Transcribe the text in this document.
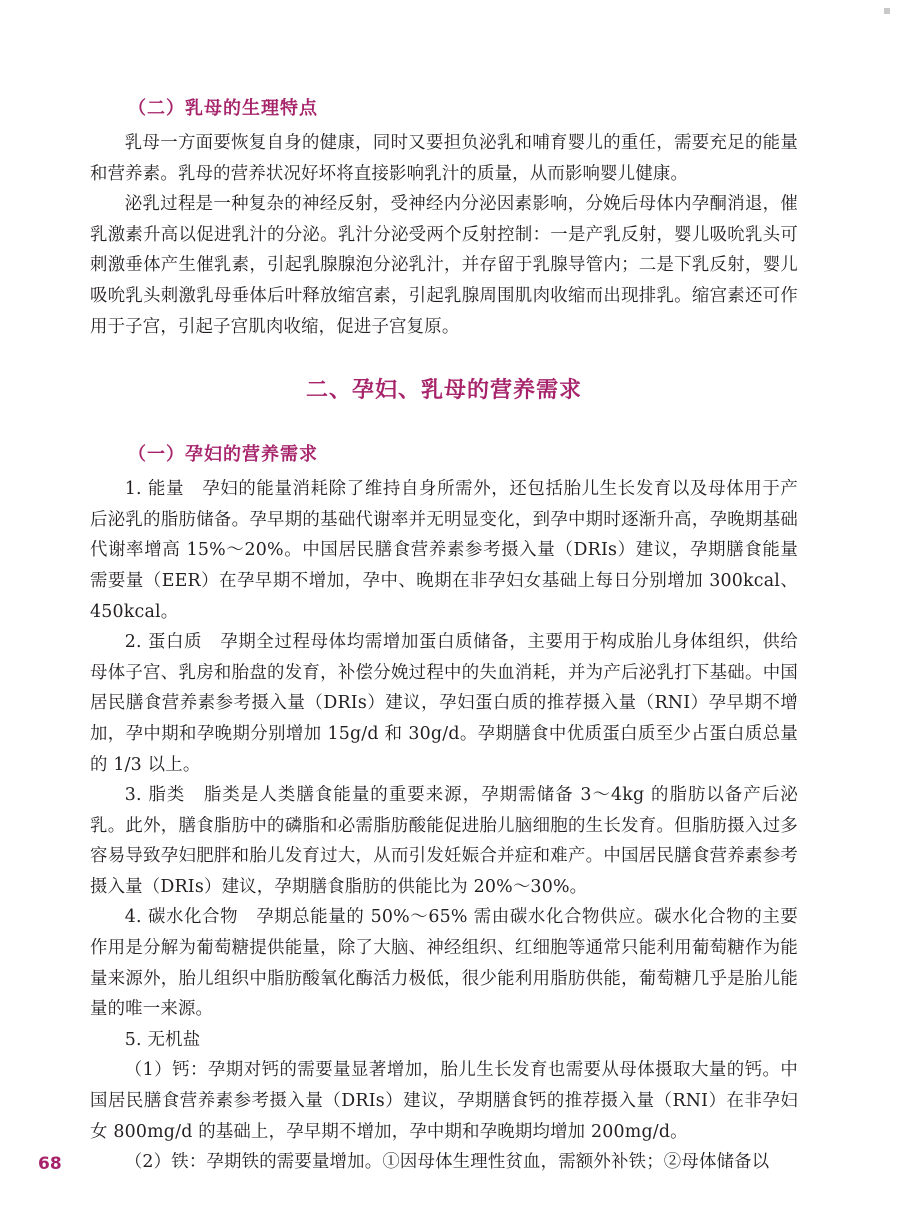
（二）乳母的生理特点

乳母一方面要恢复自身的健康，同时又要担负泌乳和哺育婴儿的重任，需要充足的能量和营养素。乳母的营养状况好坏将直接影响乳汁的质量，从而影响婴儿健康。

泌乳过程是一种复杂的神经反射，受神经内分泌因素影响，分娩后母体内孕酮消退，催乳激素升高以促进乳汁的分泌。乳汁分泌受两个反射控制：一是产乳反射，婴儿吸吮乳头可刺激垂体产生催乳素，引起乳腺腺泡分泌乳汁，并存留于乳腺导管内；二是下乳反射，婴儿吸吮乳头刺激乳母垂体后叶释放缩宫素，引起乳腺周围肌肉收缩而出现排乳。缩宫素还可作用于子宫，引起子宫肌肉收缩，促进子宫复原。

二、孕妇、乳母的营养需求
（一）孕妇的营养需求

1. 能量　孕妇的能量消耗除了维持自身所需外，还包括胎儿生长发育以及母体用于产后泌乳的脂肪储备。孕早期的基础代谢率并无明显变化，到孕中期时逐渐升高，孕晚期基础代谢率增高 15%～20%。中国居民膳食营养素参考摄入量（DRIs）建议，孕期膳食能量需要量（EER）在孕早期不增加，孕中、晚期在非孕妇女基础上每日分别增加 300kcal、450kcal。

2. 蛋白质　孕期全过程母体均需增加蛋白质储备，主要用于构成胎儿身体组织，供给母体子宫、乳房和胎盘的发育，补偿分娩过程中的失血消耗，并为产后泌乳打下基础。中国居民膳食营养素参考摄入量（DRIs）建议，孕妇蛋白质的推荐摄入量（RNI）孕早期不增加，孕中期和孕晚期分别增加 15g/d 和 30g/d。孕期膳食中优质蛋白质至少占蛋白质总量的 1/3 以上。

3. 脂类　脂类是人类膳食能量的重要来源，孕期需储备 3～4kg 的脂肪以备产后泌乳。此外，膳食脂肪中的磷脂和必需脂肪酸能促进胎儿脑细胞的生长发育。但脂肪摄入过多容易导致孕妇肥胖和胎儿发育过大，从而引发妊娠合并症和难产。中国居民膳食营养素参考摄入量（DRIs）建议，孕期膳食脂肪的供能比为 20%～30%。

4. 碳水化合物　孕期总能量的 50%～65% 需由碳水化合物供应。碳水化合物的主要作用是分解为葡萄糖提供能量，除了大脑、神经组织、红细胞等通常只能利用葡萄糖作为能量来源外，胎儿组织中脂肪酸氧化酶活力极低，很少能利用脂肪供能，葡萄糖几乎是胎儿能量的唯一来源。

5. 无机盐

（1）钙：孕期对钙的需要量显著增加，胎儿生长发育也需要从母体摄取大量的钙。中国居民膳食营养素参考摄入量（DRIs）建议，孕期膳食钙的推荐摄入量（RNI）在非孕妇女 800mg/d 的基础上，孕早期不增加，孕中期和孕晚期均增加 200mg/d。

（2）铁：孕期铁的需要量增加。①因母体生理性贫血，需额外补铁；②母体储备以

68
